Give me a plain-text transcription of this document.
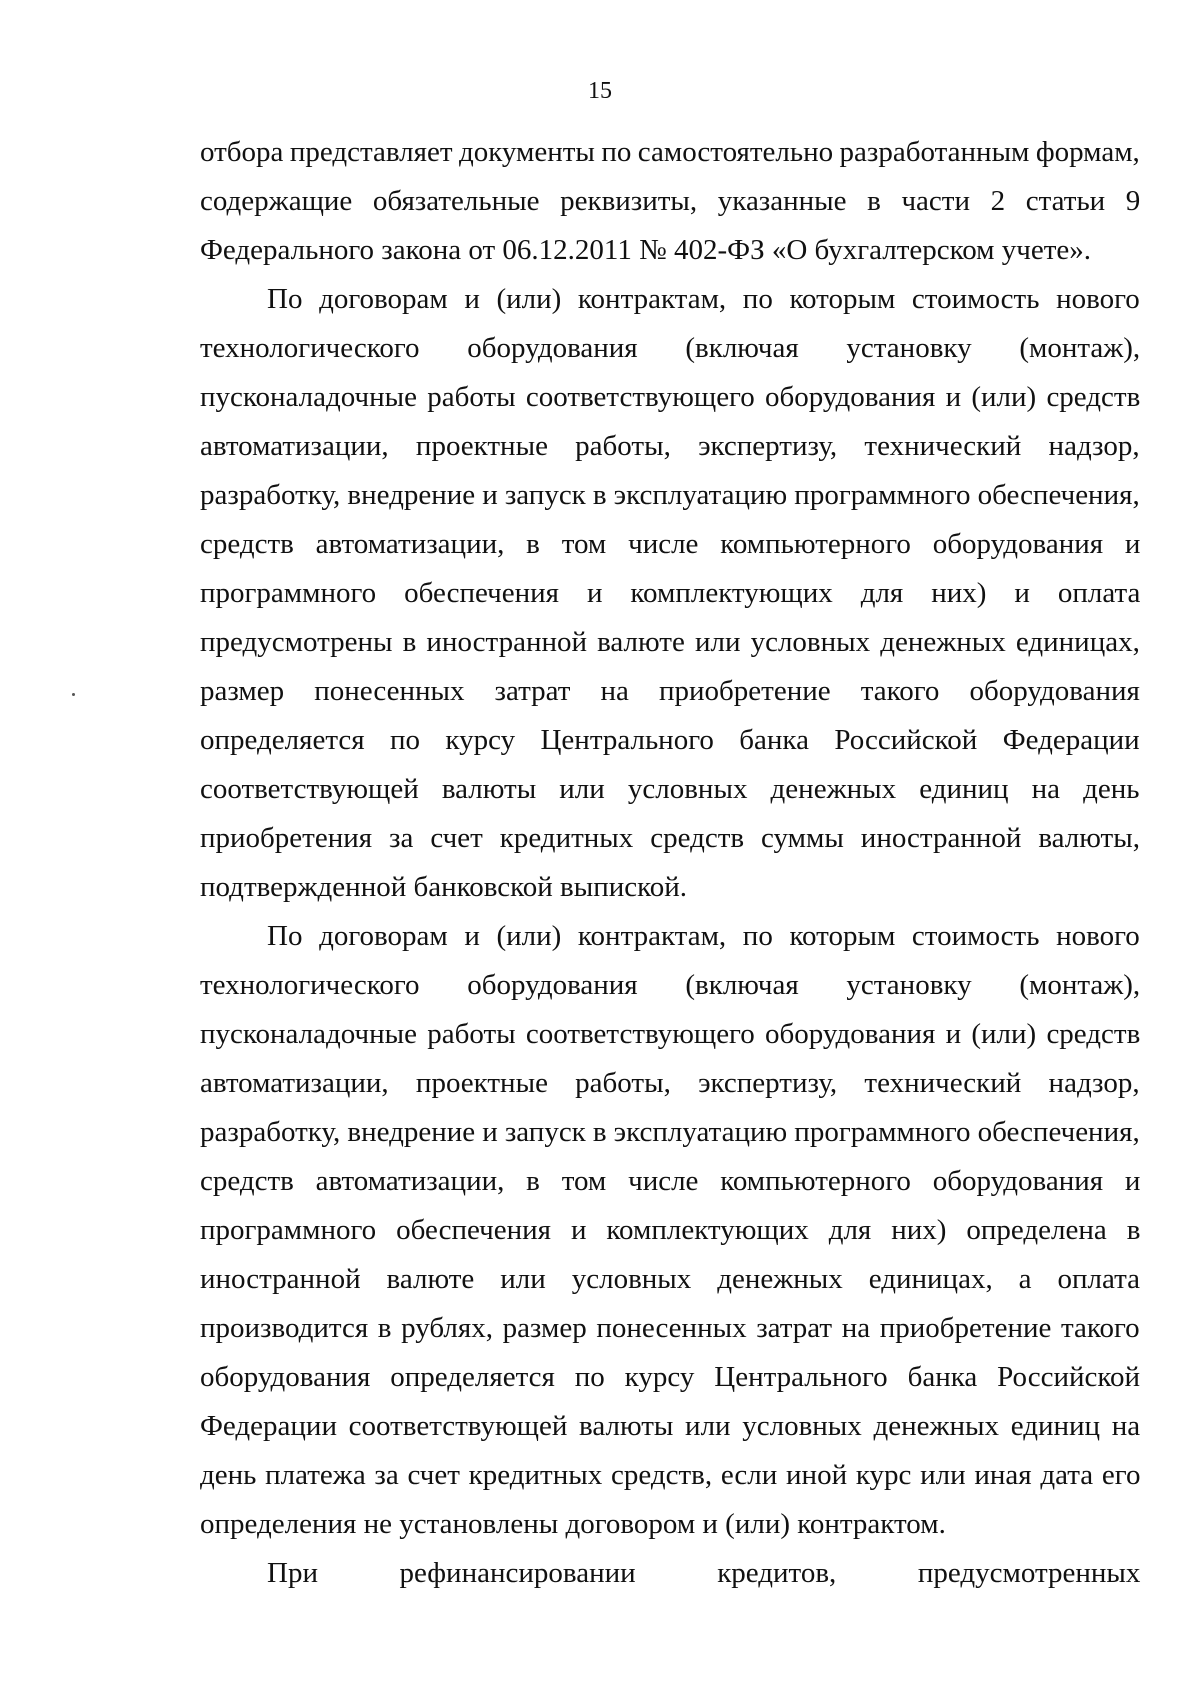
15
отбора представляет документы по самостоятельно разработанным формам,
содержащие обязательные реквизиты, указанные в части 2 статьи 9
Федерального закона от 06.12.2011 № 402-ФЗ «О бухгалтерском учете».
По договорам и (или) контрактам, по которым стоимость нового
технологического оборудования (включая установку (монтаж),
пусконаладочные работы соответствующего оборудования и (или) средств
автоматизации, проектные работы, экспертизу, технический надзор,
разработку, внедрение и запуск в эксплуатацию программного обеспечения,
средств автоматизации, в том числе компьютерного оборудования и
программного обеспечения и комплектующих для них) и оплата
предусмотрены в иностранной валюте или условных денежных единицах,
размер понесенных затрат на приобретение такого оборудования
определяется по курсу Центрального банка Российской Федерации
соответствующей валюты или условных денежных единиц на день
приобретения за счет кредитных средств суммы иностранной валюты,
подтвержденной банковской выпиской.
По договорам и (или) контрактам, по которым стоимость нового
технологического оборудования (включая установку (монтаж),
пусконаладочные работы соответствующего оборудования и (или) средств
автоматизации, проектные работы, экспертизу, технический надзор,
разработку, внедрение и запуск в эксплуатацию программного обеспечения,
средств автоматизации, в том числе компьютерного оборудования и
программного обеспечения и комплектующих для них) определена в
иностранной валюте или условных денежных единицах, а оплата
производится в рублях, размер понесенных затрат на приобретение такого
оборудования определяется по курсу Центрального банка Российской
Федерации соответствующей валюты или условных денежных единиц на
день платежа за счет кредитных средств, если иной курс или иная дата его
определения не установлены договором и (или) контрактом.
При рефинансировании кредитов, предусмотренных
